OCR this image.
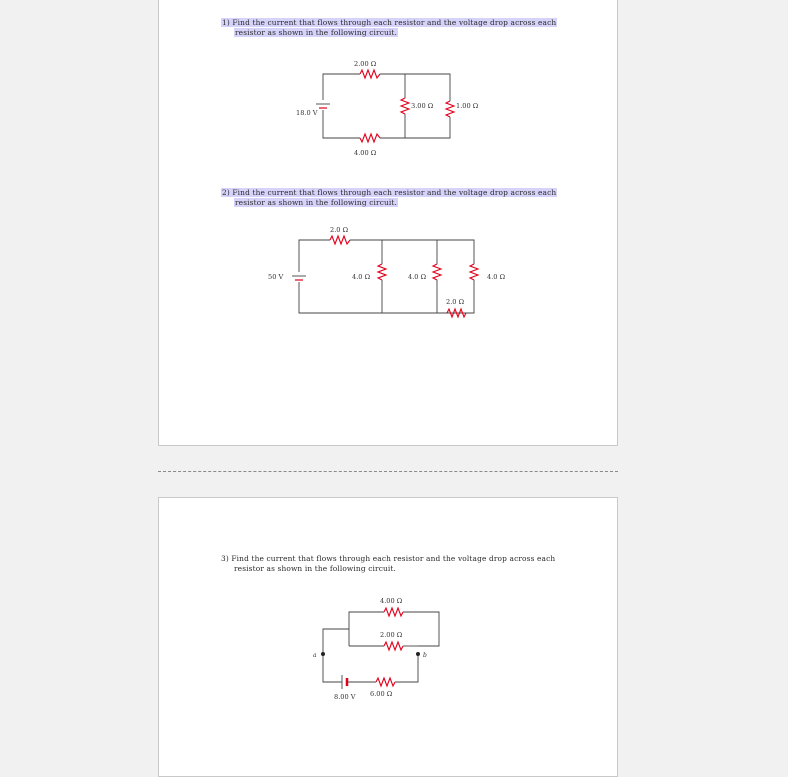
1) Find the current that flows through each resistor and the voltage drop across each
resistor as shown in the following circuit.
2.00 Ω
4.00 Ω
3.00 Ω	1.00 Ω
18.0 V
2) Find the current that flows through each resistor and the voltage drop across each
resistor as shown in the following circuit.
2.0 Ω
4.0 Ω	4.0 Ω	4.0 Ω
2.0 Ω
50 V
3) Find the current that flows through each resistor and the voltage drop across each
resistor as shown in the following circuit.
4.00 Ω
2.00 Ω
6.00 Ω
8.00 V
a	b
